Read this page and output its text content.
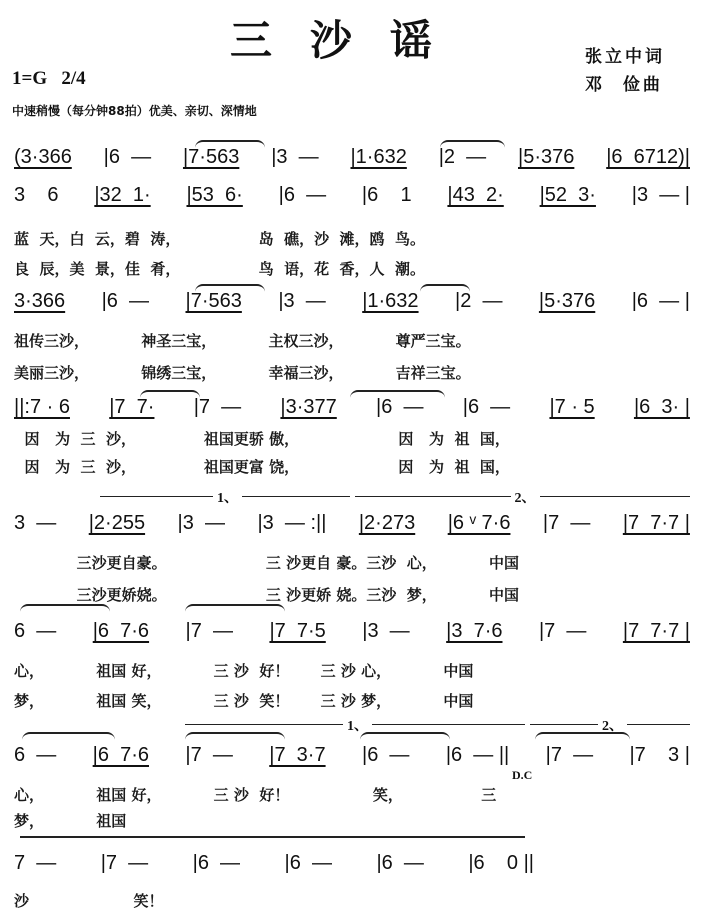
三沙谣	张立中词
邓  俭曲
1=G   2/4
中速稍慢（每分钟88拍）优美、亲切、深情地
(3·366 |6  — |7·563 |3  — |1·632 |2  — |5·376 |6  6712)|
3    6 |32  1· |53  6· |6  — |6    1 |43  2· |52  3· |3  — |
蓝  天，白  云，碧  涛，               岛  礁，沙  滩，鸥  鸟。
良  辰，美  景，佳  肴，               鸟  语，花  香，人  潮。
3·366 |6  — |7·563 |3  — |1·632 |2  — |5·376 |6  — |
祖传三沙，          神圣三宝，          主权三沙，          尊严三宝。
美丽三沙，          锦绣三宝，          幸福三沙，          吉祥三宝。
||:7 · 6 |7  7· |7  — |3·377 |6  — |6  — |7 · 5 |6  3· |
因   为  三  沙，             祖国更骄 傲，                   因   为  祖  国，
因   为  三  沙，             祖国更富 饶，                   因   为  祖  国，
3  — |2·255 |3  — |3  — :|| |2·273 |6 ᵛ 7·6 |7  — |7  7·7 |
三沙更自豪。                   三 沙更自 豪。三沙  心，          中国
三沙更娇娆。                   三 沙更娇 娆。三沙  梦，          中国
1、	2、
6  — |6  7·6 |7  — |7  7·5 |3  — |3  7·6 |7  — |7  7·7 |
心，          祖国 好，          三 沙  好！      三 沙 心，          中国
梦，          祖国 笑，          三 沙  笑！      三 沙 梦，          中国
6  — |6  7·6 |7  — |7  3·7 |6  — |6  — || |7  — |7    3 |
心，          祖国 好，          三 沙  好！                笑，               三
梦，          祖国
1、	2、
D.C
7  — |7  — |6  — |6  — |6  — |6    0 ||
沙                    笑！
